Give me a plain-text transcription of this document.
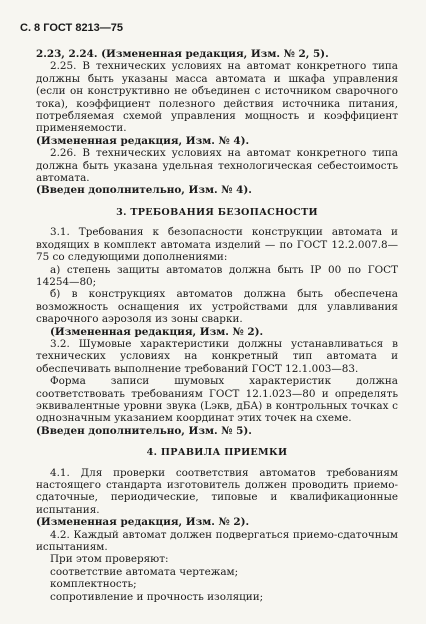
С. 8 ГОСТ 8213—75

2.23, 2.24. (Измененная редакция, Изм. № 2, 5).

2.25. В технических условиях на автомат конкретного типа должны быть указаны масса автомата и шкафа управления (если он конструктивно не объединен с источником сварочного тока), коэффициент полезного действия источника питания, потребляемая схемой управления мощность и коэффициент применяемости.

(Измененная редакция, Изм. № 4).

2.26. В технических условиях на автомат конкретного типа должна быть указана удельная технологическая себестоимость автомата.

(Введен дополнительно, Изм. № 4).

3. ТРЕБОВАНИЯ БЕЗОПАСНОСТИ

3.1. Требования к безопасности конструкции автомата и входящих в комплект автомата изделий — по ГОСТ 12.2.007.8—75 со следующими дополнениями:

а) степень защиты автоматов должна быть IP 00 по ГОСТ 14254—80;

б) в конструкциях автоматов должна быть обеспечена возможность оснащения их устройствами для улавливания сварочного аэрозоля из зоны сварки.

(Измененная редакция, Изм. № 2).

3.2. Шумовые характеристики должны устанавливаться в технических условиях на конкретный тип автомата и обеспечивать выполнение требований ГОСТ 12.1.003—83.

Форма записи шумовых характеристик должна соответствовать требованиям ГОСТ 12.1.023—80 и определять эквивалентные уровни звука (Lэкв, дБА) в контрольных точках с однозначным указанием координат этих точек на схеме.

(Введен дополнительно, Изм. № 5).

4. ПРАВИЛА ПРИЕМКИ

4.1. Для проверки соответствия автоматов требованиям настоящего стандарта изготовитель должен проводить приемо-сдаточные, периодические, типовые и квалификационные испытания.

(Измененная редакция, Изм. № 2).

4.2. Каждый автомат должен подвергаться приемо-сдаточным испытаниям.

При этом проверяют:

соответствие автомата чертежам;

комплектность;

сопротивление и прочность изоляции;
